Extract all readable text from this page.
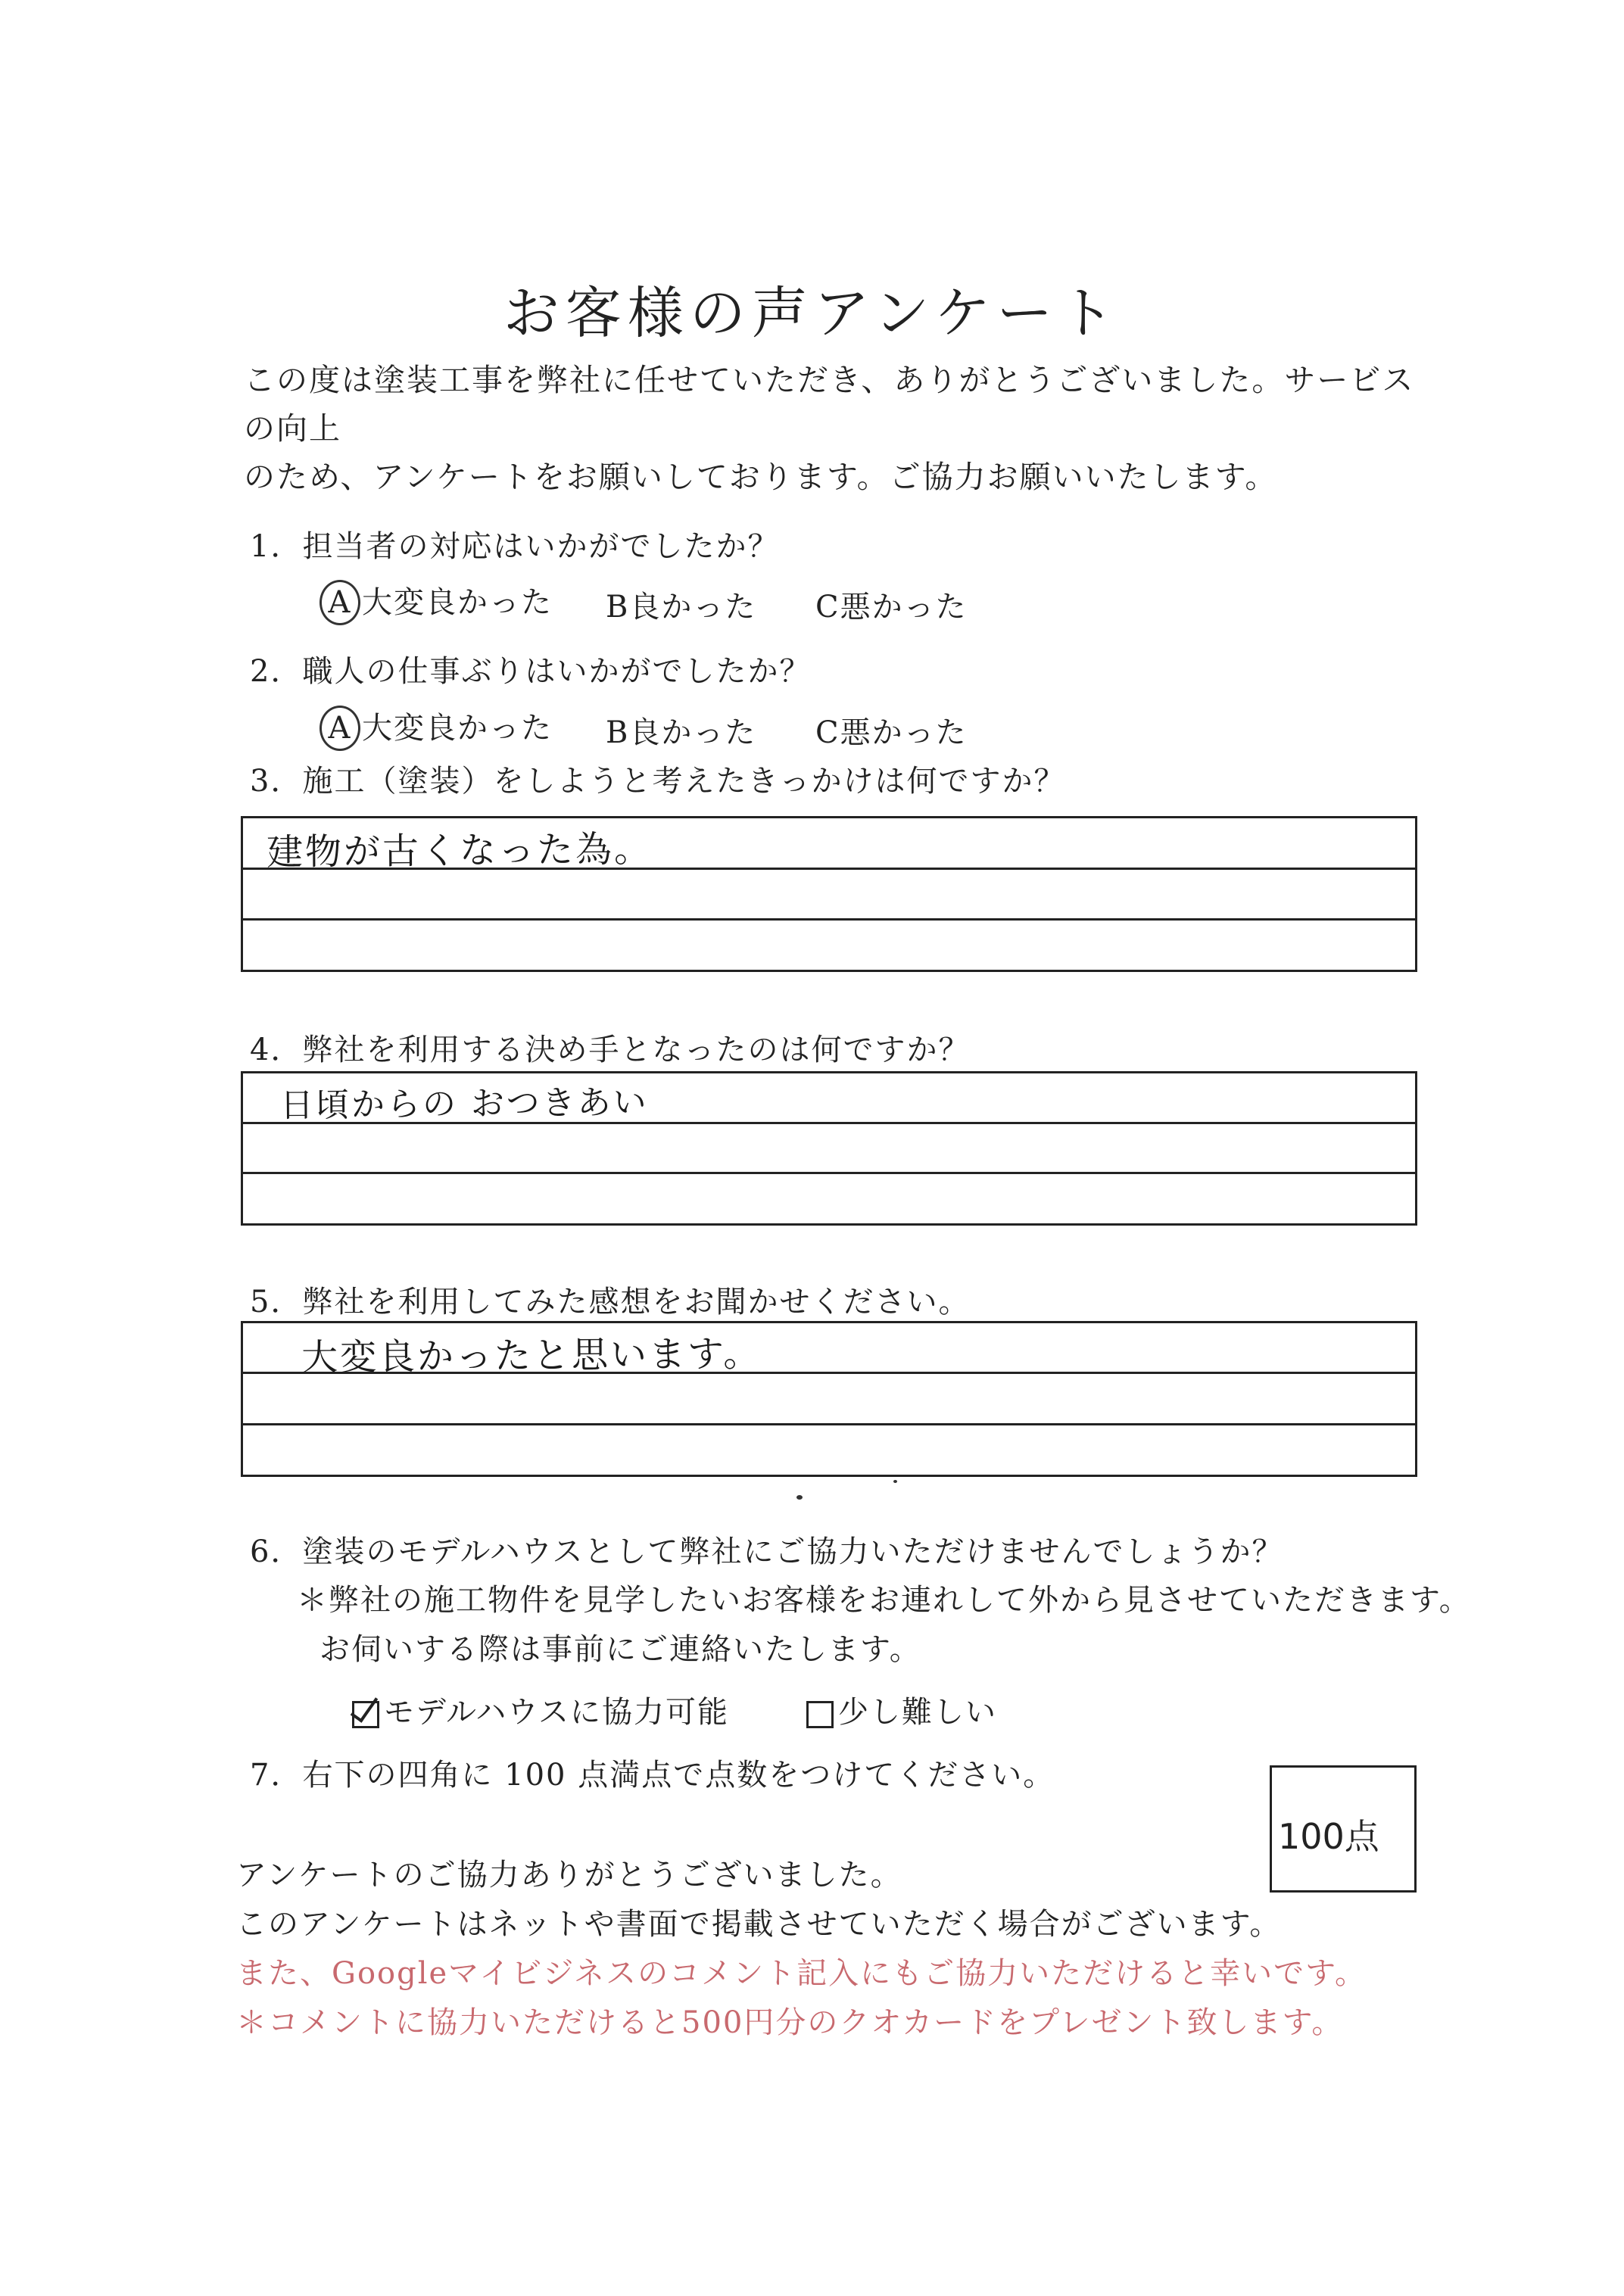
お客様の声アンケート
この度は塗装工事を弊社に任せていただき、ありがとうございました。サービスの向上
のため、アンケートをお願いしております。ご協力お願いいたします。
1．担当者の対応はいかがでしたか？
A 大変良かった B良かった C悪かった
2．職人の仕事ぶりはいかがでしたか？
A 大変良かった B良かった C悪かった
3．施工（塗装）をしようと考えたきっかけは何ですか？
建物が古くなった為。
4．弊社を利用する決め手となったのは何ですか？
日頃からの おつきあい
5．弊社を利用してみた感想をお聞かせください。
大変良かったと思います。
6．塗装のモデルハウスとして弊社にご協力いただけませんでしょうか？
＊弊社の施工物件を見学したいお客様をお連れして外から見させていただきます。
お伺いする際は事前にご連絡いたします。
モデルハウスに協力可能	少し難しい
7．右下の四角に 100 点満点で点数をつけてください。
100点
アンケートのご協力ありがとうございました。
このアンケートはネットや書面で掲載させていただく場合がございます。
また、Googleマイビジネスのコメント記入にもご協力いただけると幸いです。
＊コメントに協力いただけると500円分のクオカードをプレゼント致します。
